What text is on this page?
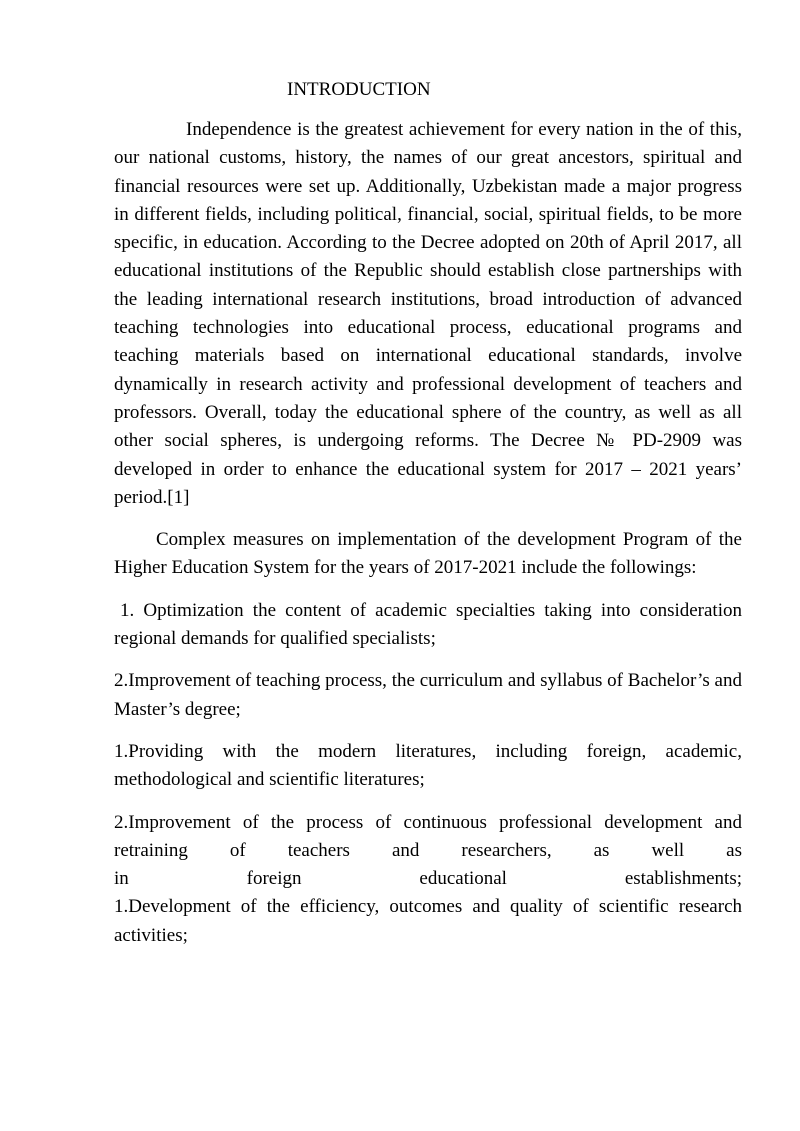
INTRODUCTION

Independence is the greatest achievement for every nation in the of this, our national customs, history, the names of our great ancestors, spiritual and financial resources were set up. Additionally, Uzbekistan made a major progress in different fields, including political, financial, social, spiritual fields, to be more specific, in education. According to the Decree adopted on 20th of April 2017, all educational institutions of the Republic should establish close partnerships with the leading international research institutions, broad introduction of advanced teaching technologies into educational process, educational programs and teaching materials based on international educational standards, involve dynamically in research activity and professional development of teachers and professors. Overall, today the educational sphere of the country, as well as all other social spheres, is undergoing reforms. The Decree № PD-2909 was developed in order to enhance the educational system for 2017 – 2021 years’ period.[1]

Complex measures on implementation of the development Program of the Higher Education System for the years of 2017-2021 include the followings:

1. Optimization the content of academic specialties taking into consideration regional demands for qualified specialists;

2.Improvement of teaching process, the curriculum and syllabus of Bachelor’s and Master’s degree;

1.Providing with the modern literatures, including foreign, academic, methodological and scientific literatures;

2.Improvement of the process of continuous professional development and retraining of teachers and researchers, as well as

in foreign educational establishments;

1.Development of the efficiency, outcomes and quality of scientific research activities;
